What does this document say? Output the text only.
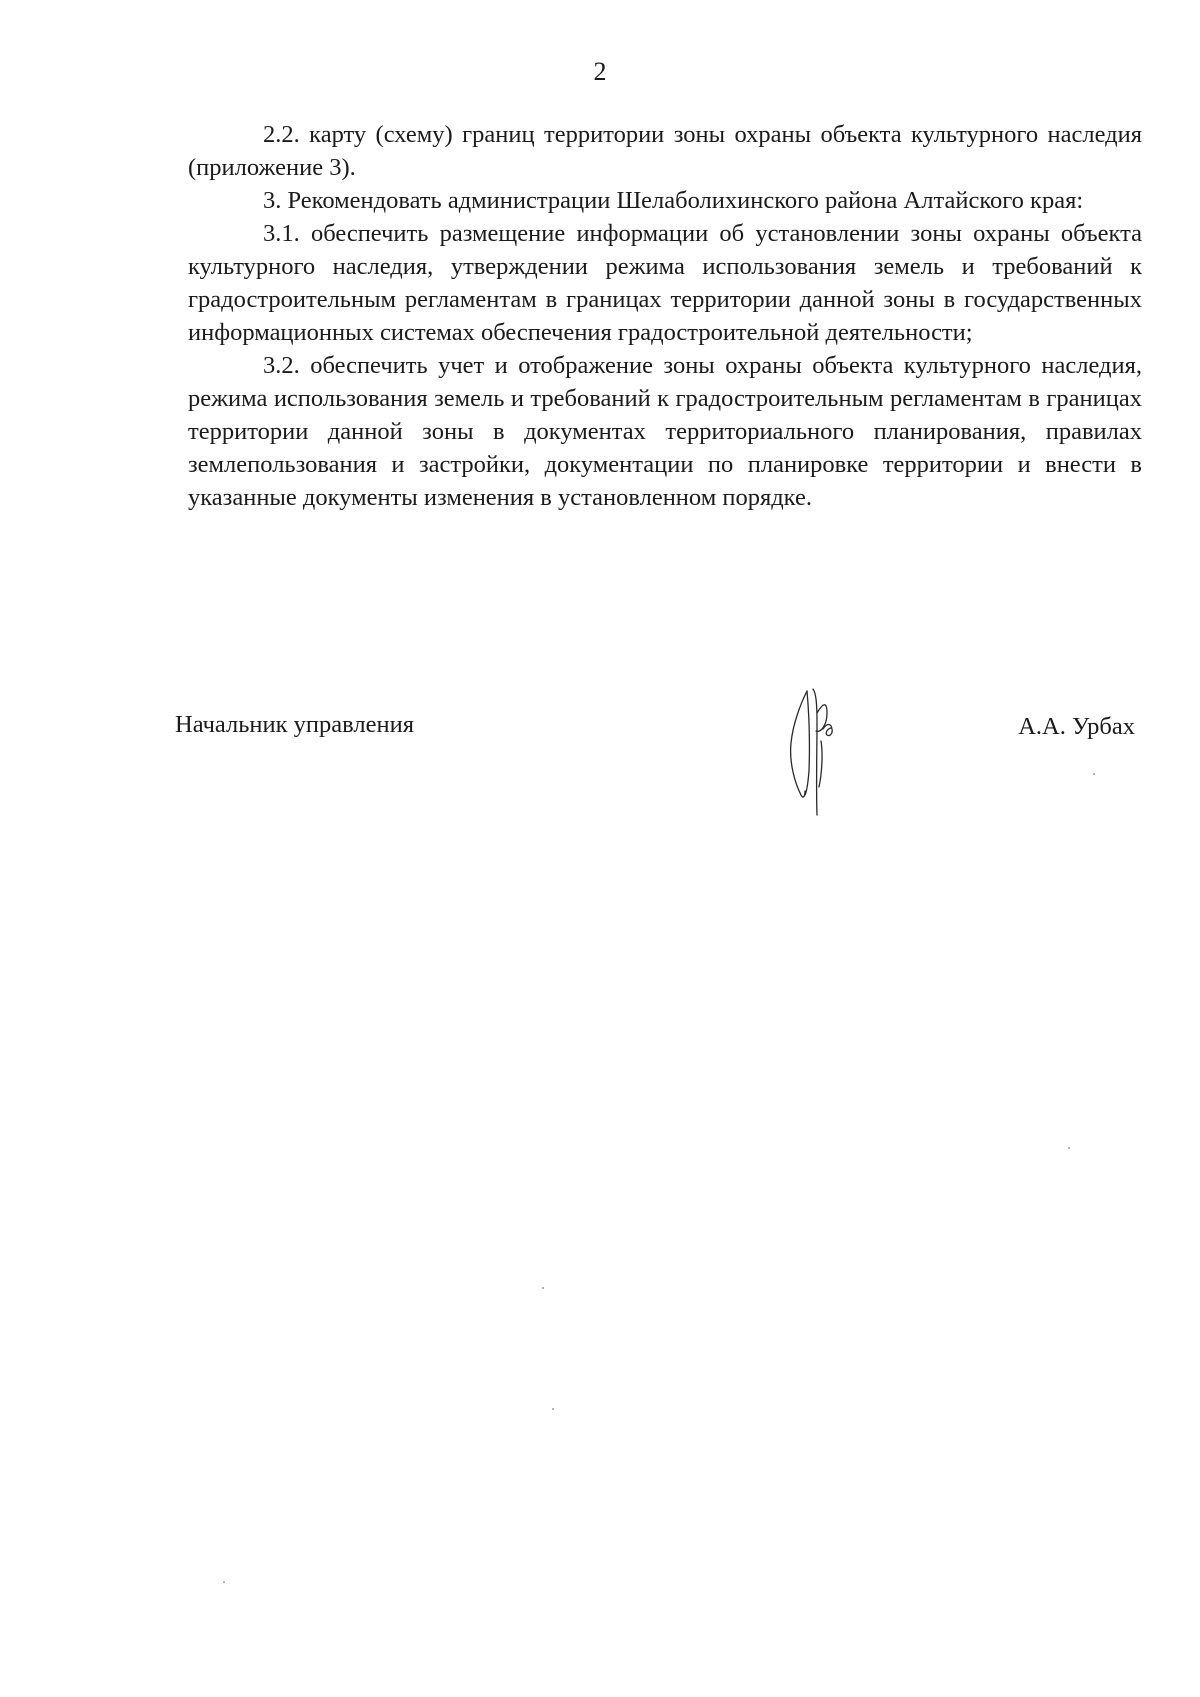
2

2.2. карту (схему) границ территории зоны охраны объекта культурного наследия (приложение 3).

3. Рекомендовать администрации Шелаболихинского района Алтайского края:

3.1. обеспечить размещение информации об установлении зоны охраны объекта культурного наследия, утверждении режима использования земель и требований к градостроительным регламентам в границах территории данной зоны в государственных информационных системах обеспечения градостроительной деятельности;

3.2. обеспечить учет и отображение зоны охраны объекта культурного наследия, режима использования земель и требований к градостроительным регламентам в границах территории данной зоны в документах территориального планирования, правилах землепользования и застройки, документации по планировке территории и внести в указанные документы изменения в установленном порядке.

Начальник управления	А.А. Урбах
